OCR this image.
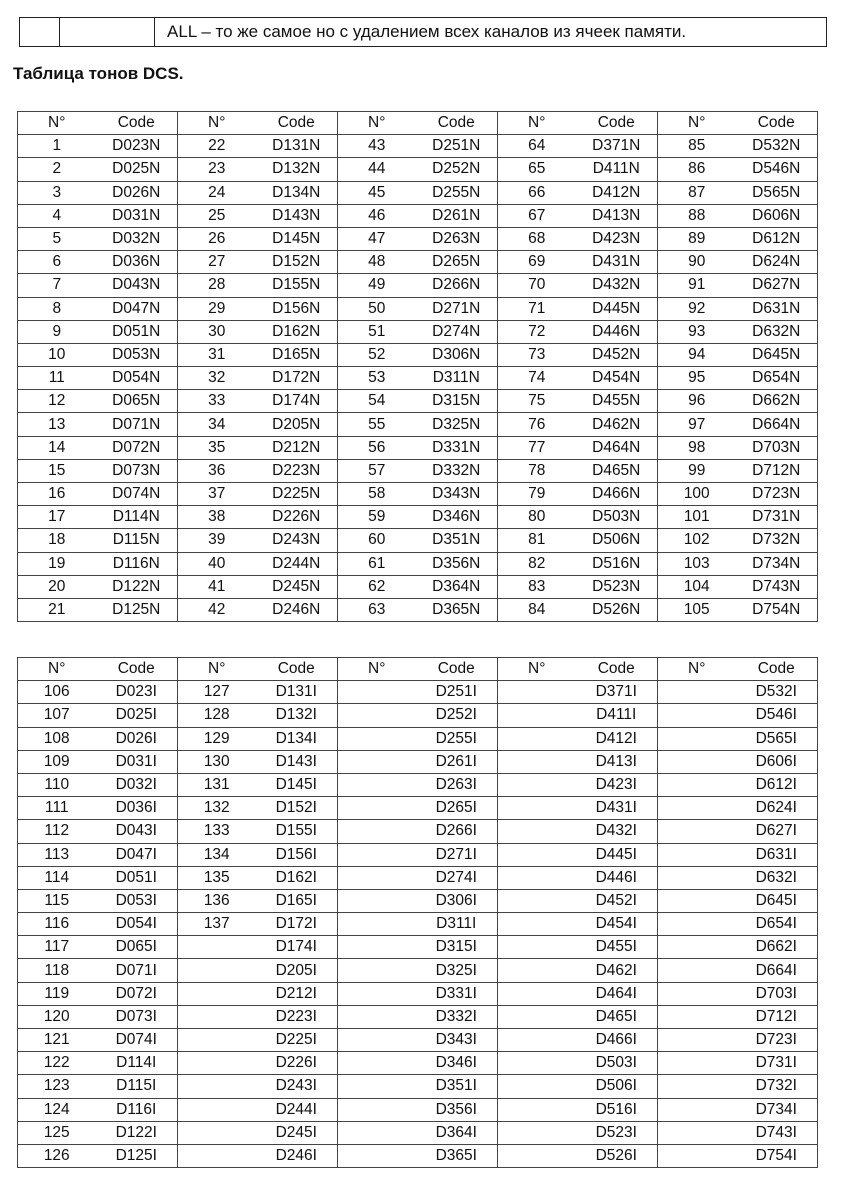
		ALL – то же самое но с удалением всех каналов из ячеек памяти.
Таблица тонов DCS.
N°	Code	N°	Code	N°	Code	N°	Code	N°	Code
1	D023N	22	D131N	43	D251N	64	D371N	85	D532N
2	D025N	23	D132N	44	D252N	65	D411N	86	D546N
3	D026N	24	D134N	45	D255N	66	D412N	87	D565N
4	D031N	25	D143N	46	D261N	67	D413N	88	D606N
5	D032N	26	D145N	47	D263N	68	D423N	89	D612N
6	D036N	27	D152N	48	D265N	69	D431N	90	D624N
7	D043N	28	D155N	49	D266N	70	D432N	91	D627N
8	D047N	29	D156N	50	D271N	71	D445N	92	D631N
9	D051N	30	D162N	51	D274N	72	D446N	93	D632N
10	D053N	31	D165N	52	D306N	73	D452N	94	D645N
11	D054N	32	D172N	53	D311N	74	D454N	95	D654N
12	D065N	33	D174N	54	D315N	75	D455N	96	D662N
13	D071N	34	D205N	55	D325N	76	D462N	97	D664N
14	D072N	35	D212N	56	D331N	77	D464N	98	D703N
15	D073N	36	D223N	57	D332N	78	D465N	99	D712N
16	D074N	37	D225N	58	D343N	79	D466N	100	D723N
17	D114N	38	D226N	59	D346N	80	D503N	101	D731N
18	D115N	39	D243N	60	D351N	81	D506N	102	D732N
19	D116N	40	D244N	61	D356N	82	D516N	103	D734N
20	D122N	41	D245N	62	D364N	83	D523N	104	D743N
21	D125N	42	D246N	63	D365N	84	D526N	105	D754N
N°	Code	N°	Code	N°	Code	N°	Code	N°	Code
106	D023I	127	D131I		D251I		D371I		D532I
107	D025I	128	D132I		D252I		D411I		D546I
108	D026I	129	D134I		D255I		D412I		D565I
109	D031I	130	D143I		D261I		D413I		D606I
110	D032I	131	D145I		D263I		D423I		D612I
111	D036I	132	D152I		D265I		D431I		D624I
112	D043I	133	D155I		D266I		D432I		D627I
113	D047I	134	D156I		D271I		D445I		D631I
114	D051I	135	D162I		D274I		D446I		D632I
115	D053I	136	D165I		D306I		D452I		D645I
116	D054I	137	D172I		D311I		D454I		D654I
117	D065I		D174I		D315I		D455I		D662I
118	D071I		D205I		D325I		D462I		D664I
119	D072I		D212I		D331I		D464I		D703I
120	D073I		D223I		D332I		D465I		D712I
121	D074I		D225I		D343I		D466I		D723I
122	D114I		D226I		D346I		D503I		D731I
123	D115I		D243I		D351I		D506I		D732I
124	D116I		D244I		D356I		D516I		D734I
125	D122I		D245I		D364I		D523I		D743I
126	D125I		D246I		D365I		D526I		D754I
